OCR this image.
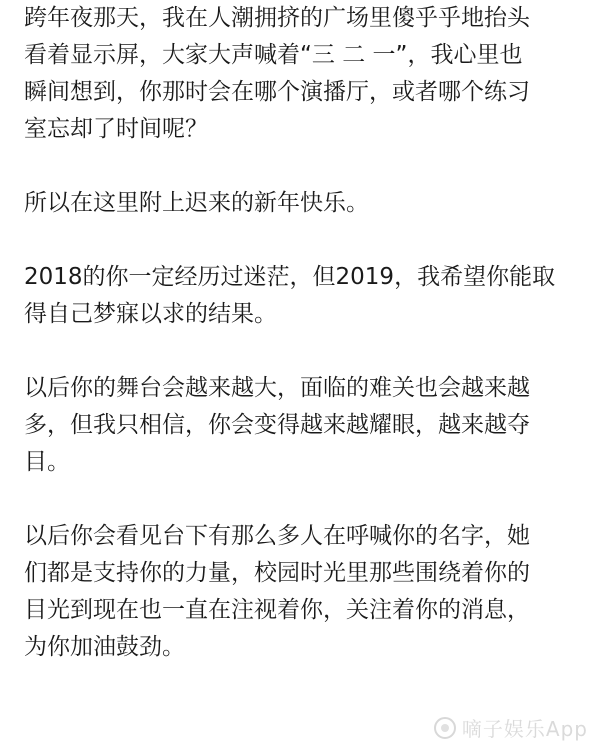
跨年夜那天，我在人潮拥挤的广场里傻乎乎地抬头
看着显示屏，大家大声喊着“三 二 一”，我心里也
瞬间想到，你那时会在哪个演播厅，或者哪个练习
室忘却了时间呢？
所以在这里附上迟来的新年快乐。
2018的你一定经历过迷茫，但2019，我希望你能取
得自己梦寐以求的结果。
以后你的舞台会越来越大，面临的难关也会越来越
多，但我只相信，你会变得越来越耀眼，越来越夺
目。
以后你会看见台下有那么多人在呼喊你的名字，她
们都是支持你的力量，校园时光里那些围绕着你的
目光到现在也一直在注视着你，关注着你的消息，
为你加油鼓劲。
嘀子娱乐App
